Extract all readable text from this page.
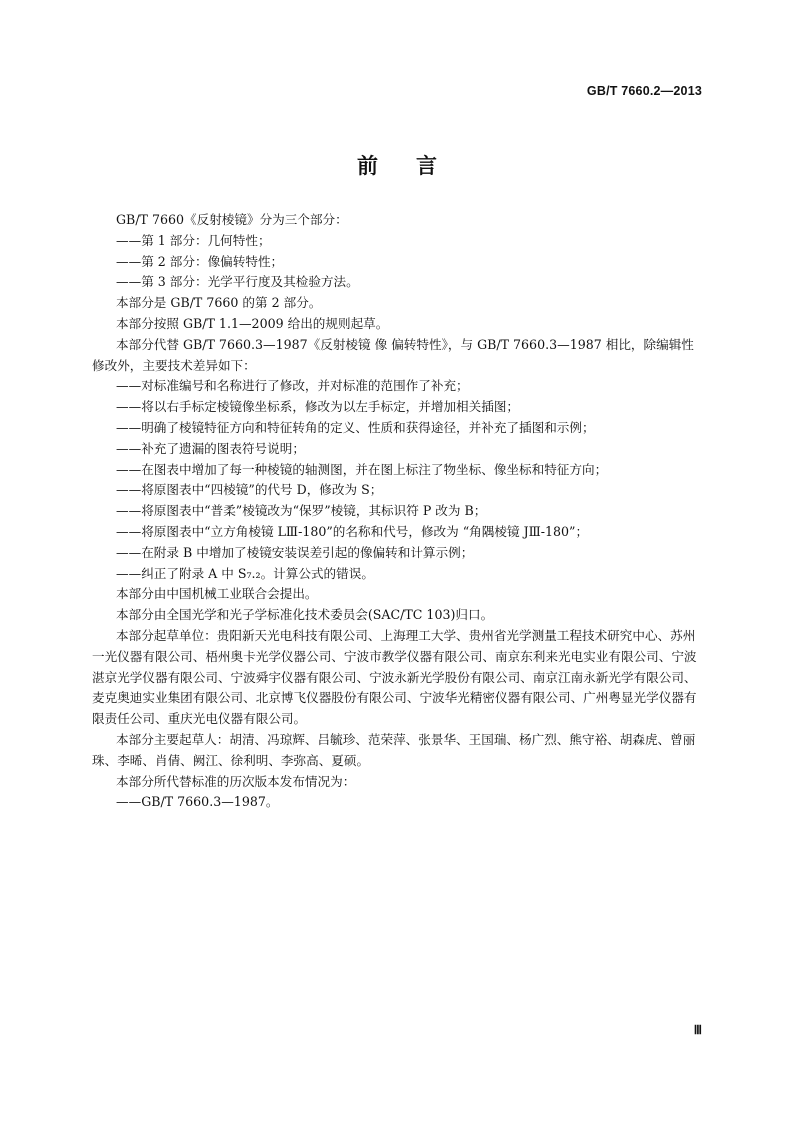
GB/T 7660.2—2013
前言

GB/T 7660《反射棱镜》分为三个部分：

——第 1 部分：几何特性；

——第 2 部分：像偏转特性；

——第 3 部分：光学平行度及其检验方法。

本部分是 GB/T 7660 的第 2 部分。

本部分按照 GB/T 1.1—2009 给出的规则起草。

本部分代替 GB/T 7660.3—1987《反射棱镜 像 偏转特性》，与 GB/T 7660.3—1987 相比，除编辑性修改外，主要技术差异如下：

——对标准编号和名称进行了修改，并对标准的范围作了补充；

——将以右手标定棱镜像坐标系，修改为以左手标定，并增加相关插图；

——明确了棱镜特征方向和特征转角的定义、性质和获得途径，并补充了插图和示例；

——补充了遗漏的图表符号说明；

——在图表中增加了每一种棱镜的轴测图，并在图上标注了物坐标、像坐标和特征方向；

——将原图表中“四棱镜”的代号 D，修改为 S；

——将原图表中“普柔”棱镜改为“保罗”棱镜，其标识符 P 改为 B；

——将原图表中“立方角棱镜 LⅢ-180”的名称和代号，修改为 “角隅棱镜 JⅢ-180”；

——在附录 B 中增加了棱镜安装误差引起的像偏转和计算示例；

——纠正了附录 A 中 S₇.₂。计算公式的错误。

本部分由中国机械工业联合会提出。

本部分由全国光学和光子学标准化技术委员会(SAC/TC 103)归口。

本部分起草单位：贵阳新天光电科技有限公司、上海理工大学、贵州省光学测量工程技术研究中心、苏州一光仪器有限公司、梧州奥卡光学仪器公司、宁波市教学仪器有限公司、南京东利来光电实业有限公司、宁波湛京光学仪器有限公司、宁波舜宇仪器有限公司、宁波永新光学股份有限公司、南京江南永新光学有限公司、麦克奥迪实业集团有限公司、北京博飞仪器股份有限公司、宁波华光精密仪器有限公司、广州粤显光学仪器有限责任公司、重庆光电仪器有限公司。

本部分主要起草人：胡清、冯琼辉、吕毓珍、范荣萍、张景华、王国瑞、杨广烈、熊守裕、胡森虎、曾丽珠、李晞、肖倩、阙江、徐利明、李弥高、夏硕。

本部分所代替标准的历次版本发布情况为：

——GB/T 7660.3—1987。

Ⅲ
